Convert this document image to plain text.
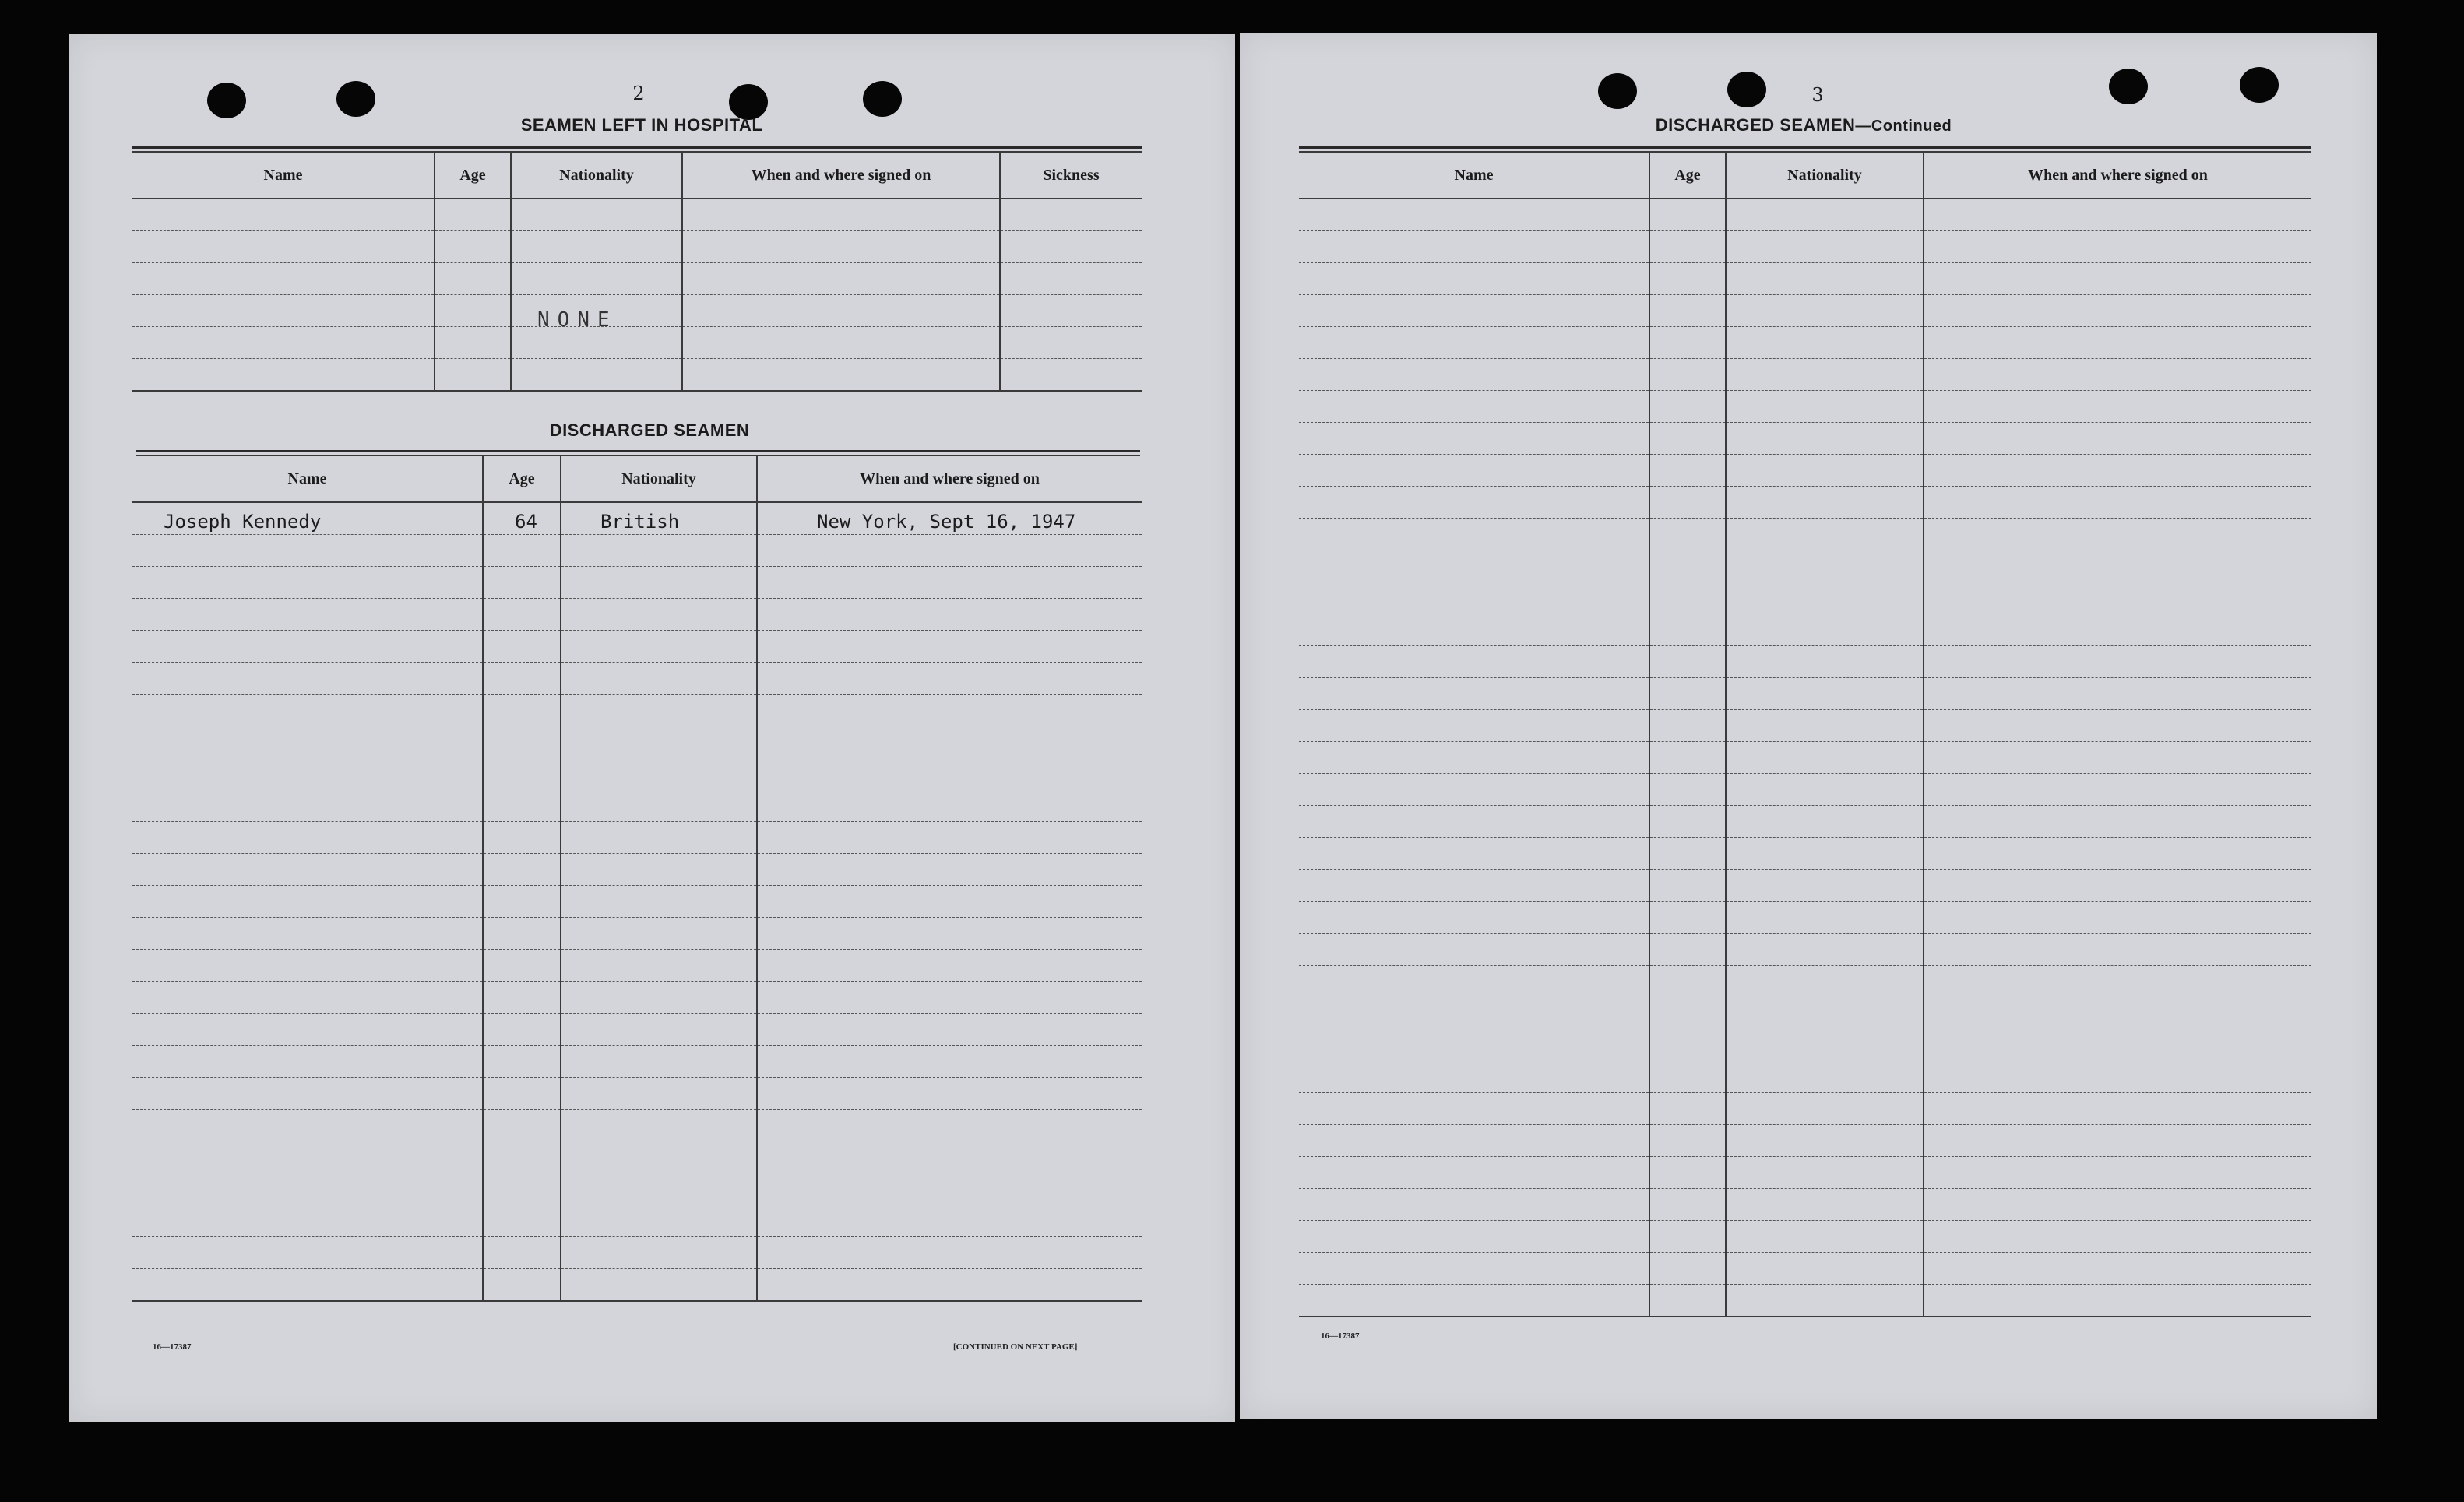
2
SEAMEN LEFT IN HOSPITAL
Name	Age	Nationality	When and where signed on	Sickness

NONE
DISCHARGED SEAMEN
Name	Age	Nationality	When and where signed on
Joseph Kennedy	64	British	New York, Sept 16, 1947

16—17387	[CONTINUED ON NEXT PAGE]
3
DISCHARGED SEAMEN—Continued
Name	Age	Nationality	When and where signed on

16—17387
